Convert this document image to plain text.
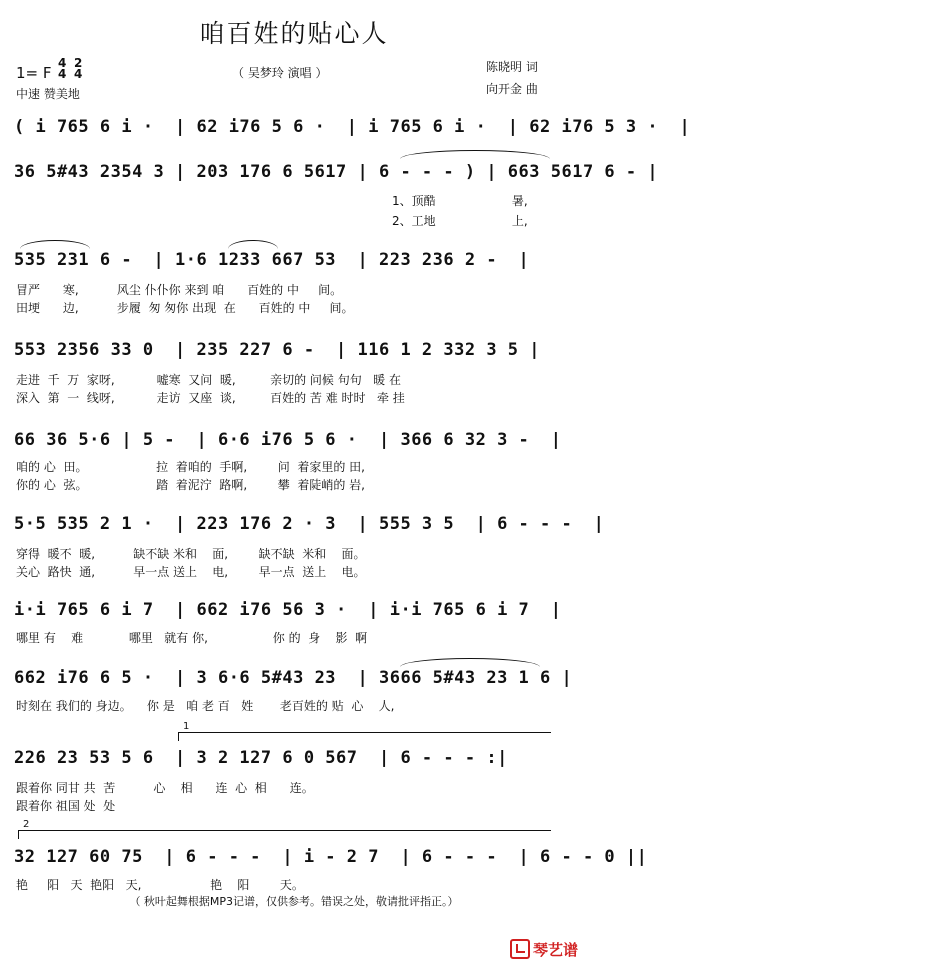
咱百姓的贴心人
1= F
4
4
2
4
中速 赞美地
（ 吴梦玲 演唱 ）	陈晓明 词
向开金 曲
( i 765 6 i ·  | 62 i76 5 6 ·  | i 765 6 i ·  | 62 i76 5 3 ·  |
36 5#43 2354 3 | 203 176 6 5617 | 6 - - - ) | 663 5617 6 - |
1、顶酷                    暑,
2、工地                    上,
535 231 6 -  | 1·6 1233 667 53  | 223 236 2 -  |
冒严      寒,          风尘 仆仆你 来到 咱      百姓的 中     间。
田埂      边,          步履  匆 匆你 出现  在      百姓的 中     间。
553 2356 33 0  | 235 227 6 -  | 116 1 2 332 3 5 |
走进  千  万  家呀,           嘘寒  又问  暖,         亲切的 问候 句句   暖 在
深入  第  一  线呀,           走访  又座  谈,         百姓的 苦 难 时时   牵 挂
66 36 5·6 | 5 -  | 6·6 i76 5 6 ·  | 366 6 32 3 -  |
咱的 心  田。                  拉  着咱的  手啊,        问  着家里的 田,
你的 心  弦。                  踏  着泥泞  路啊,        攀  着陡峭的 岩,
5·5 535 2 1 ·  | 223 176 2 · 3  | 555 3 5  | 6 - - -  |
穿得  暖不  暖,          缺不缺 米和    面,        缺不缺  米和    面。
关心  路快  通,          早一点 送上    电,        早一点  送上    电。
i·i 765 6 i 7  | 662 i76 56 3 ·  | i·i 765 6 i 7  |
哪里 有    难            哪里   就有 你,                 你 的  身    影  啊
662 i76 6 5 ·  | 3 6·6 5#43 23  | 3666 5#43 23 1 6 |
时刻在 我们的 身边。    你 是   咱 老 百   姓       老百姓的 贴  心    人,
1
226 23 53 5 6  | 3 2 127 6 0 567  | 6 - - - :|
跟着你 同甘 共  苦          心    相      连  心  相      连。
跟着你 祖国 处  处
2
32 127 60 75  | 6 - - -  | i - 2 7  | 6 - - -  | 6 - - 0 ||
艳     阳   天  艳阳   天,                  艳    阳        天。
（ 秋叶起舞根据MP3记谱，仅供参考。错误之处，敬请批评指正。）
琴艺谱
